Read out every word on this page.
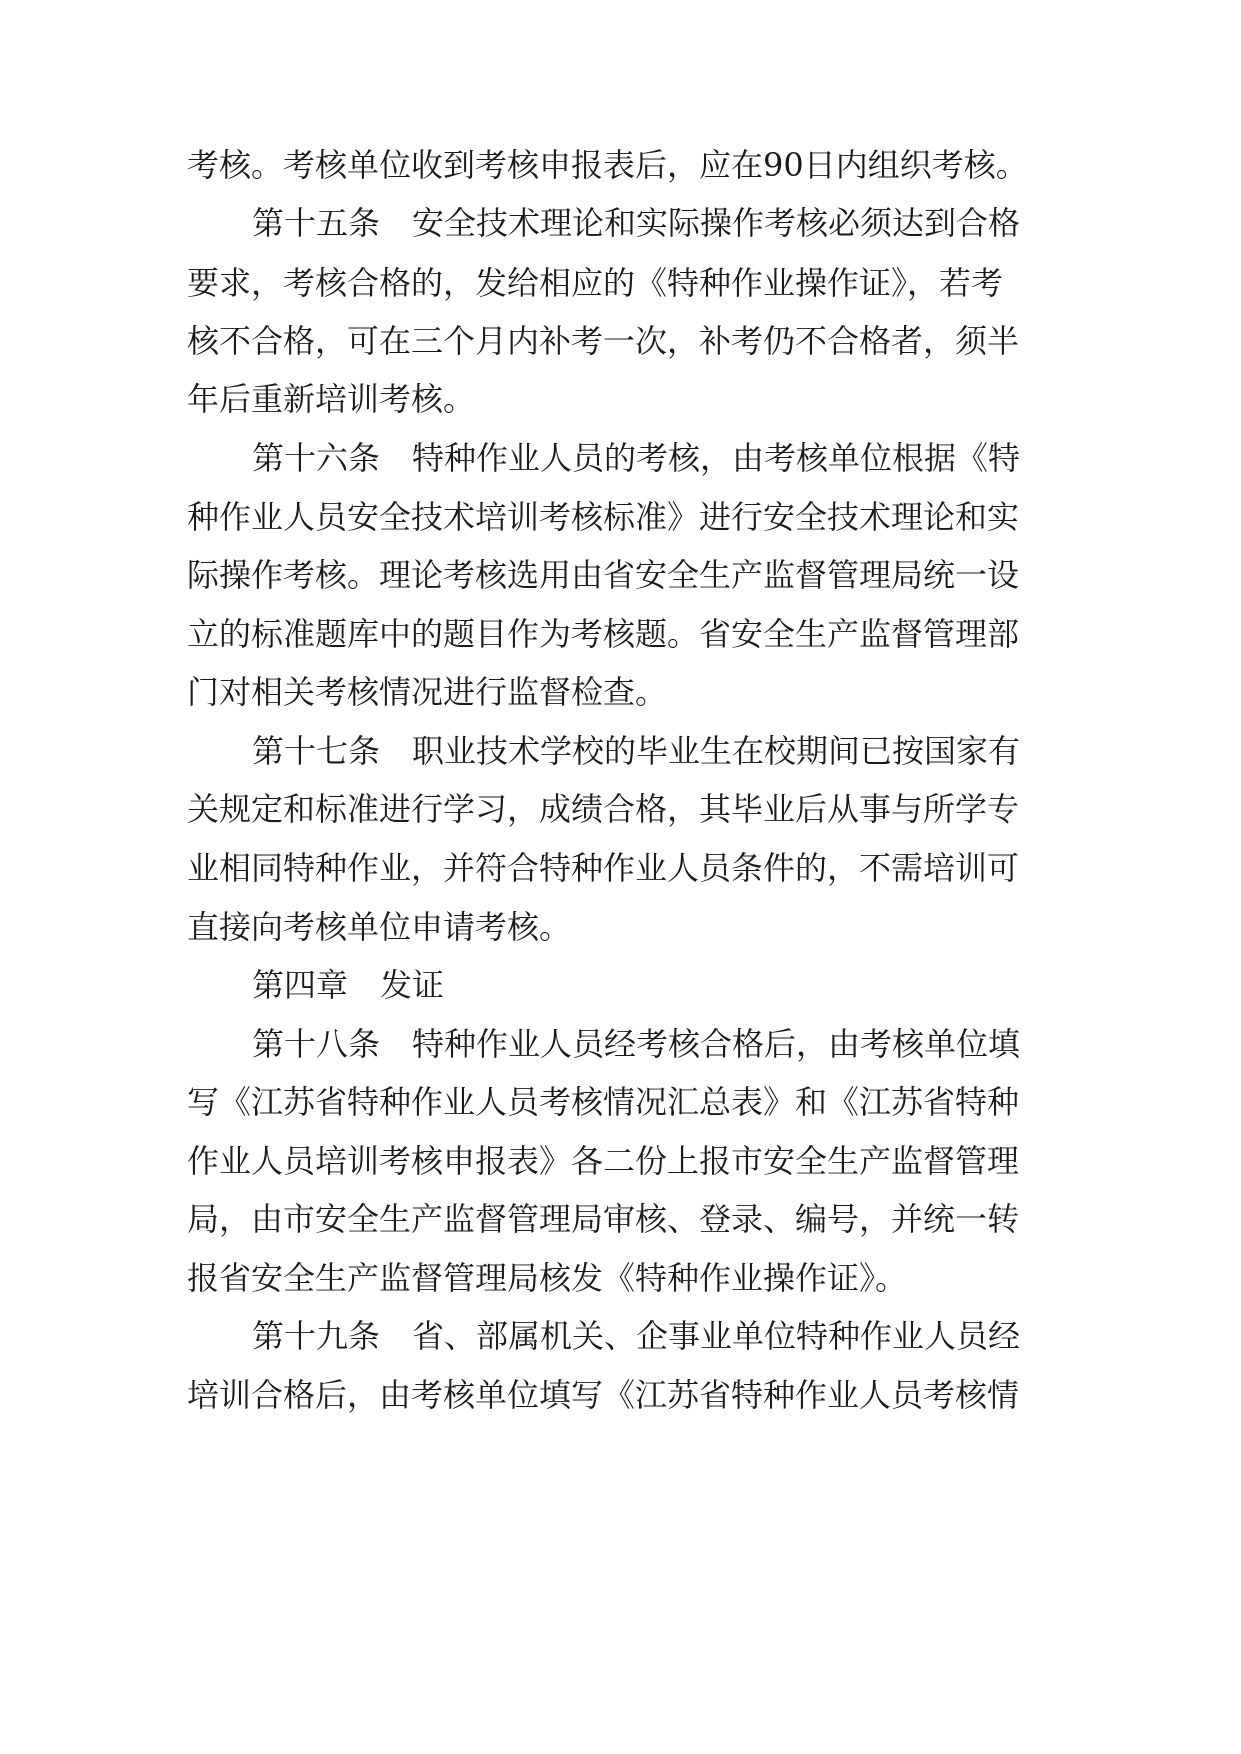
考核。考核单位收到考核申报表后，应在90日内组织考核。

第十五条　安全技术理论和实际操作考核必须达到合格

要求，考核合格的，发给相应的《特种作业操作证》，若考

核不合格，可在三个月内补考一次，补考仍不合格者，须半

年后重新培训考核。

第十六条　特种作业人员的考核，由考核单位根据《特

种作业人员安全技术培训考核标准》进行安全技术理论和实

际操作考核。理论考核选用由省安全生产监督管理局统一设

立的标准题库中的题目作为考核题。省安全生产监督管理部

门对相关考核情况进行监督检查。

第十七条　职业技术学校的毕业生在校期间已按国家有

关规定和标准进行学习，成绩合格，其毕业后从事与所学专

业相同特种作业，并符合特种作业人员条件的，不需培训可

直接向考核单位申请考核。

第四章　发证

第十八条　特种作业人员经考核合格后，由考核单位填

写《江苏省特种作业人员考核情况汇总表》和《江苏省特种

作业人员培训考核申报表》各二份上报市安全生产监督管理

局，由市安全生产监督管理局审核、登录、编号，并统一转

报省安全生产监督管理局核发《特种作业操作证》。

第十九条　省、部属机关、企事业单位特种作业人员经

培训合格后，由考核单位填写《江苏省特种作业人员考核情
